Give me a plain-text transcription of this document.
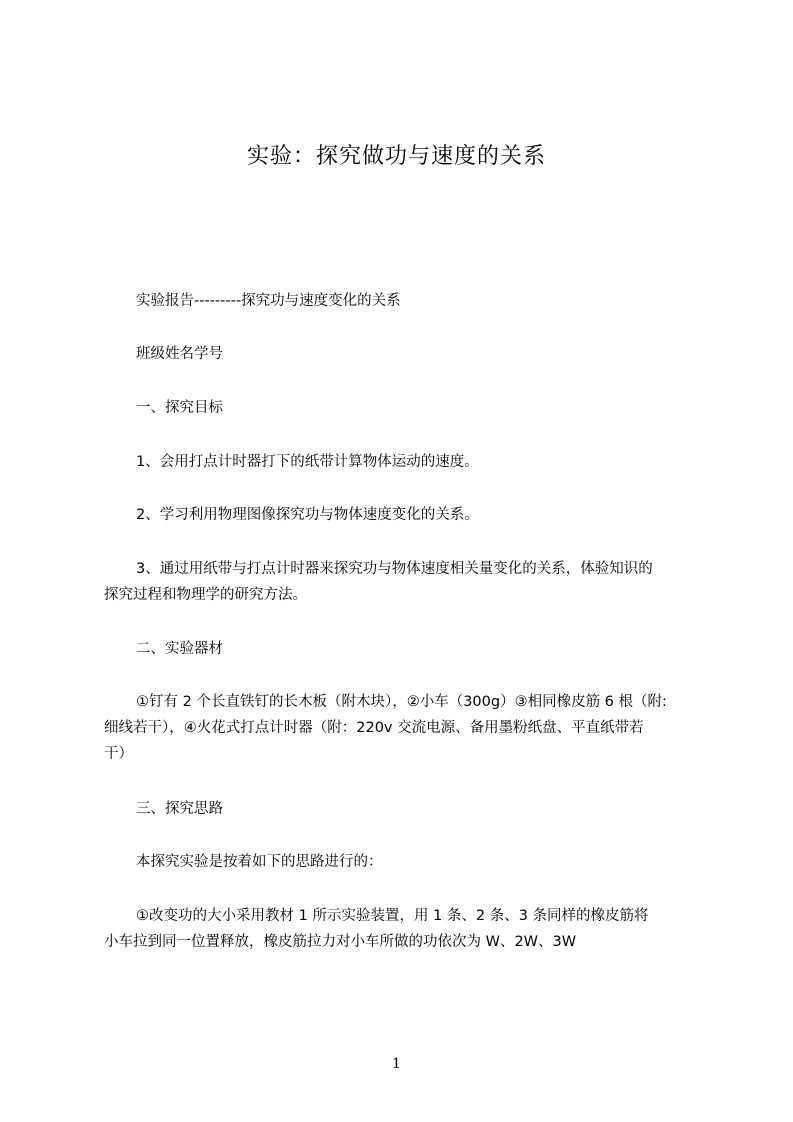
实验：探究做功与速度的关系
实验报告---------探究功与速度变化的关系
班级姓名学号
一、探究目标
1、会用打点计时器打下的纸带计算物体运动的速度。
2、学习利用物理图像探究功与物体速度变化的关系。
3、通过用纸带与打点计时器来探究功与物体速度相关量变化的关系，体验知识的
探究过程和物理学的研究方法。
二、实验器材
①钉有 2 个长直铁钉的长木板（附木块），②小车（300g）③相同橡皮筋 6 根（附:
细线若干），④火花式打点计时器（附：220v 交流电源、备用墨粉纸盘、平直纸带若
干）
三、探究思路
本探究实验是按着如下的思路进行的：
①改变功的大小采用教材 1 所示实验装置，用 1 条、2 条、3 条同样的橡皮筋将
小车拉到同一位置释放，橡皮筋拉力对小车所做的功依次为 W、2W、3W
1
